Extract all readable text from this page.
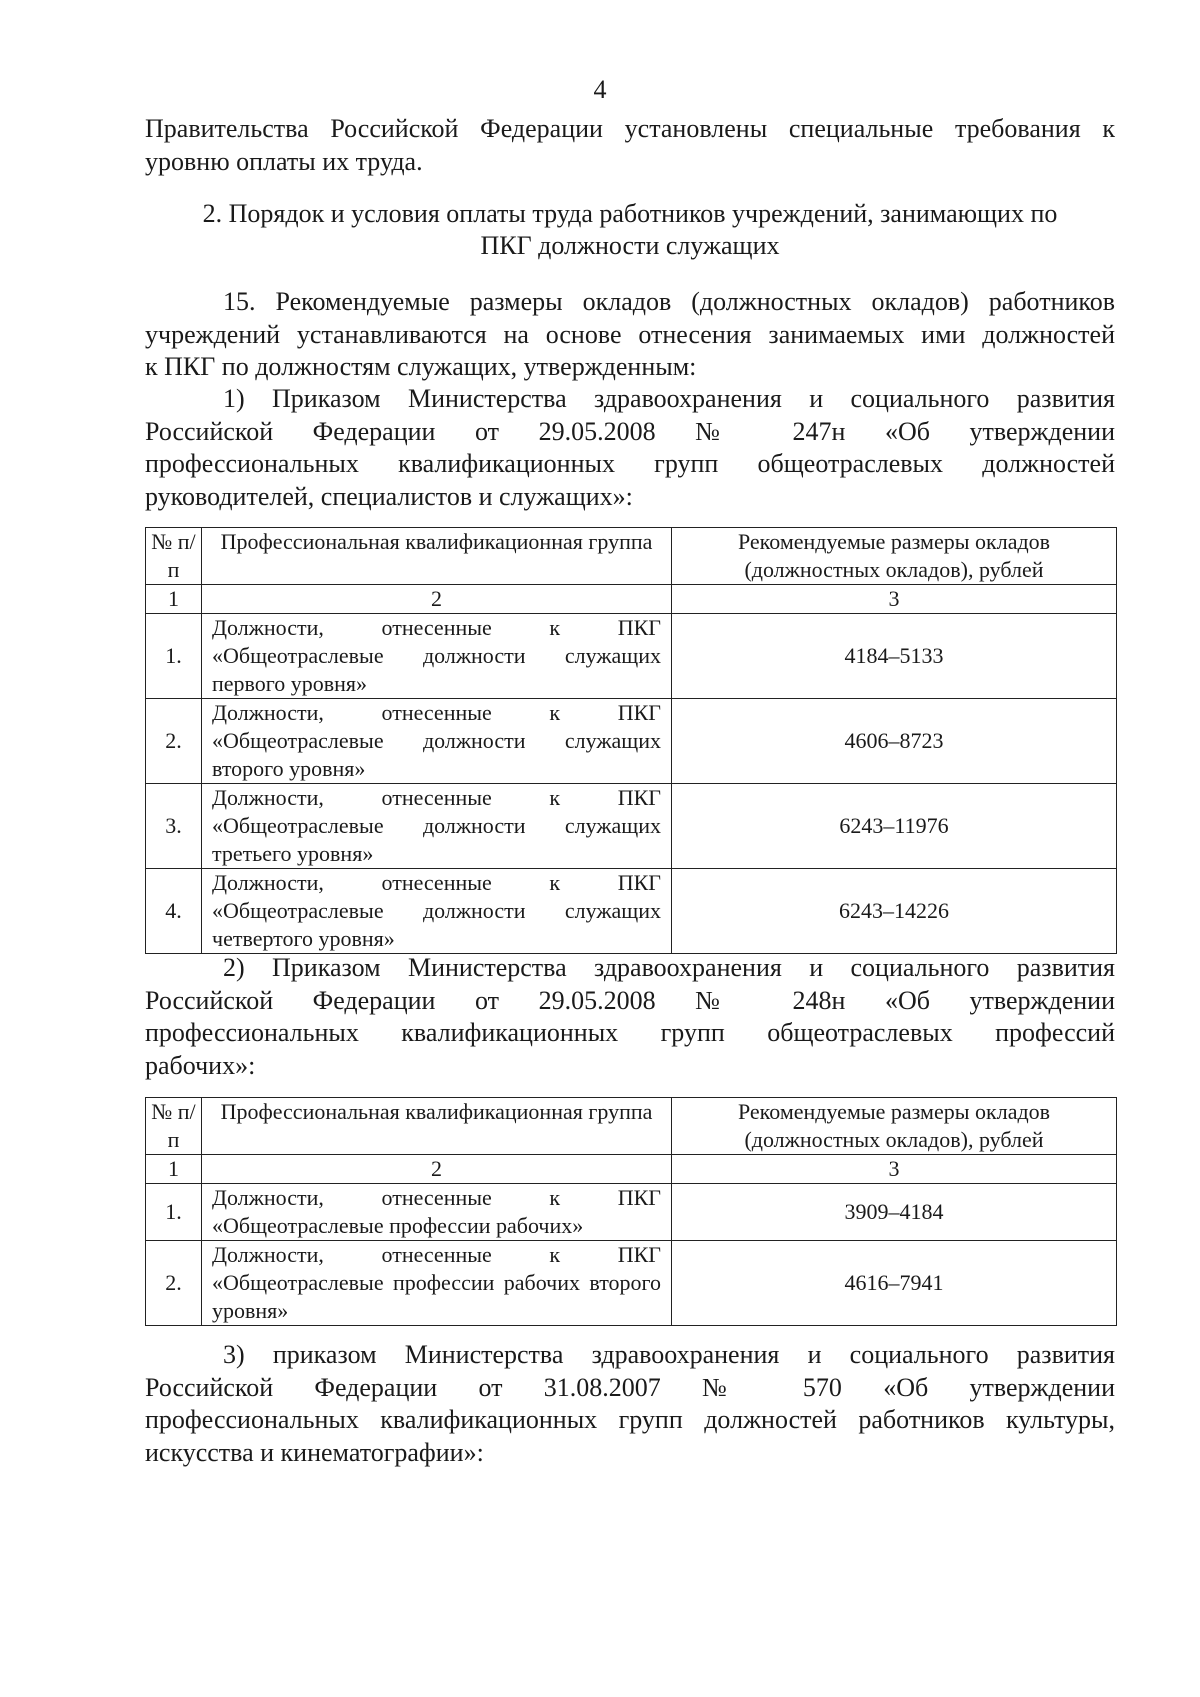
4
Правительства Российской Федерации установлены специальные требования к
уровню оплаты их труда.
2. Порядок и условия оплаты труда работников учреждений, занимающих по
ПКГ должности служащих
15. Рекомендуемые размеры окладов (должностных окладов) работников
учреждений устанавливаются на основе отнесения занимаемых ими должностей
к ПКГ по должностям служащих, утвержденным:
1) Приказом Министерства здравоохранения и социального развития
Российской Федерации от 29.05.2008 № 247н «Об утверждении
профессиональных квалификационных групп общеотраслевых должностей
руководителей, специалистов и служащих»:
№ п/п	Профессиональная квалификационная группа	Рекомендуемые размеры окладов
(должностных окладов), рублей

1	2	3
1.	Должности, отнесенные к ПКГ
«Общеотраслевые должности служащих
первого уровня»	4184–5133
2.	Должности, отнесенные к ПКГ
«Общеотраслевые должности служащих
второго уровня»	4606–8723
3.	Должности, отнесенные к ПКГ
«Общеотраслевые должности служащих
третьего уровня»	6243–11976
4.	Должности, отнесенные к ПКГ
«Общеотраслевые должности служащих
четвертого уровня»	6243–14226
2) Приказом Министерства здравоохранения и социального развития
Российской Федерации от 29.05.2008 № 248н «Об утверждении
профессиональных квалификационных групп общеотраслевых профессий
рабочих»:
№ п/п	Профессиональная квалификационная группа	Рекомендуемые размеры окладов
(должностных окладов), рублей

1	2	3
1.	Должности, отнесенные к ПКГ
«Общеотраслевые профессии рабочих»	3909–4184
2.	Должности, отнесенные к ПКГ
«Общеотраслевые профессии рабочих второго
уровня»	4616–7941
3) приказом Министерства здравоохранения и социального развития
Российской Федерации от 31.08.2007 № 570 «Об утверждении
профессиональных квалификационных групп должностей работников культуры,
искусства и кинематографии»:
